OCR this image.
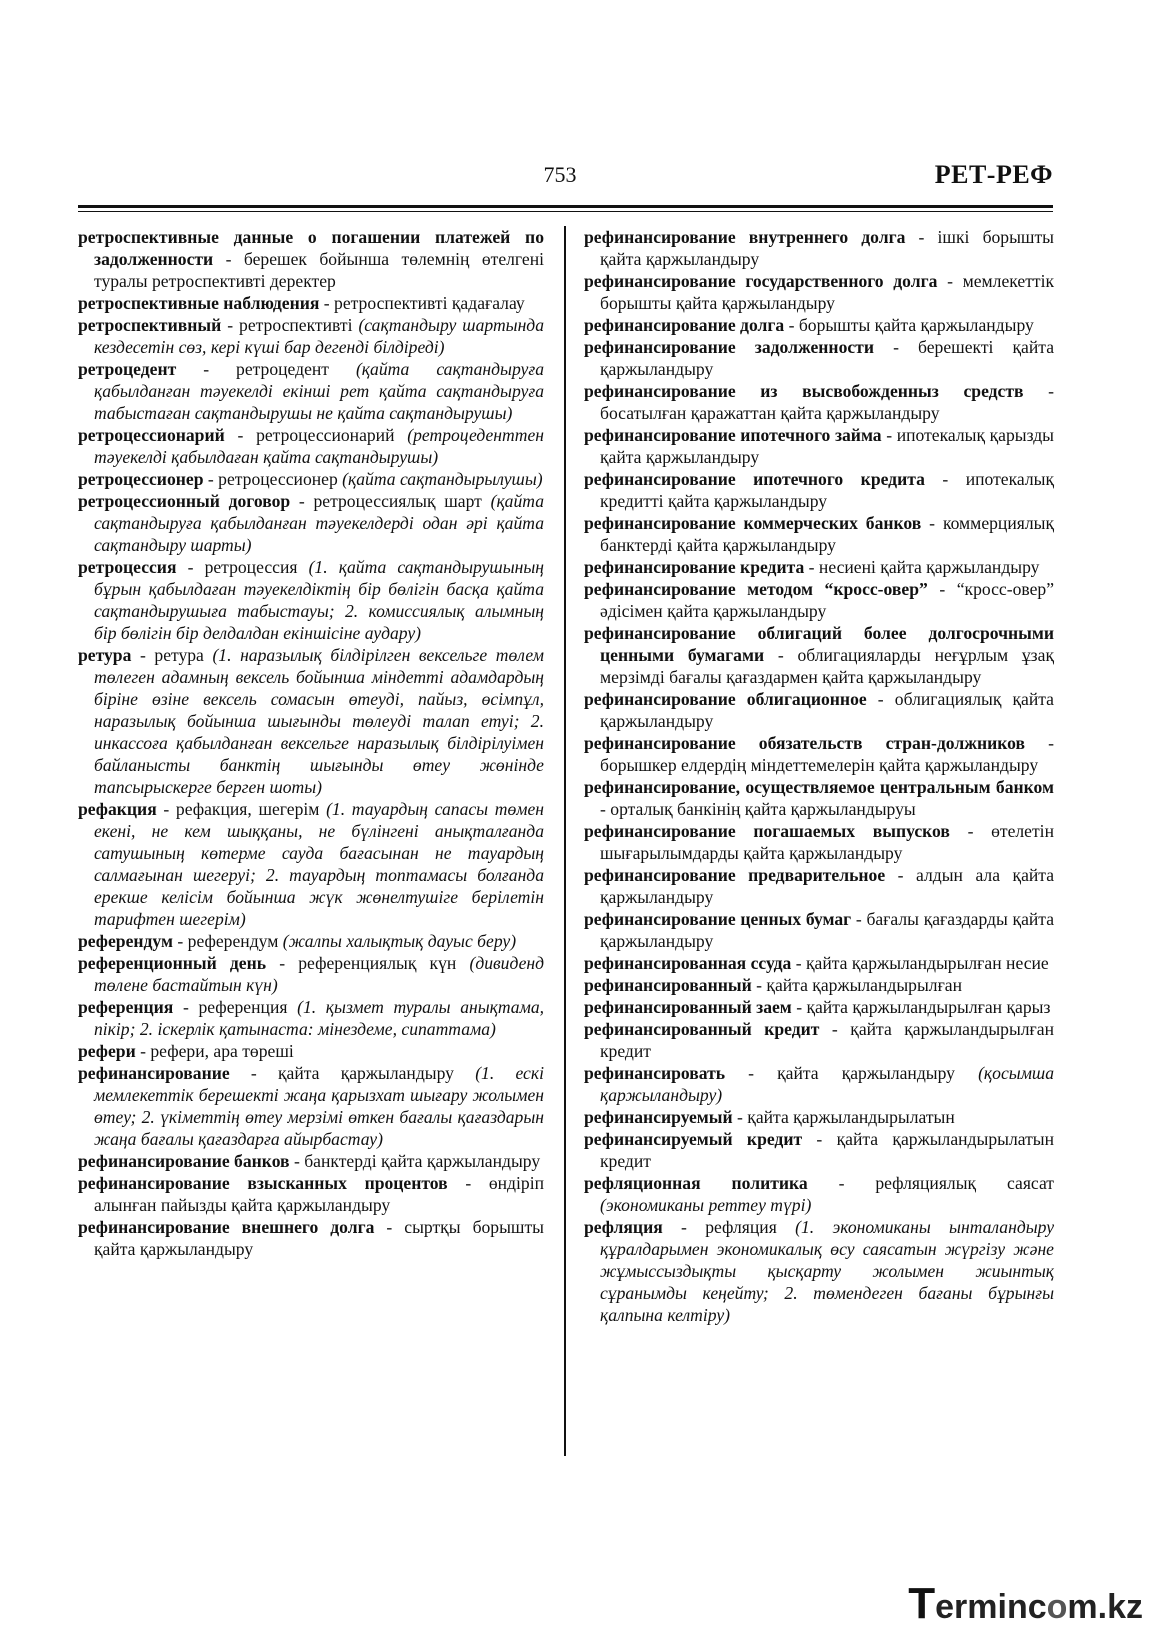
753	РЕТ-РЕФ

ретроспективные данные о погашении платежей по задолженности - берешек бойынша төлемнің өтелгені туралы ретроспективті деректер

ретроспективные наблюдения - ретроспективті қадағалау

ретроспективный - ретроспективті (сақтандыру шартында кездесетін сөз, кері күші бар дегенді білдіреді)

ретроцедент - ретроцедент (қайта сақтандыруға қабылданған тәуекелді екінші рет қайта сақтандыруға табыстаған сақтандырушы не қайта сақтандырушы)

ретроцессионарий - ретроцессионарий (ретроцеденттен тәуекелді қабылдаған қайта сақтандырушы)

ретроцессионер - ретроцессионер (қайта сақтандырылушы)

ретроцессионный договор - ретроцессиялық шарт (қайта сақтандыруға қабылданған тәуекелдерді одан әрі қайта сақтандыру шарты)

ретроцессия - ретроцессия (1. қайта сақтандырушының бұрын қабылдаған тәуекелдіктің бір бөлігін басқа қайта сақтандырушыға табыстауы; 2. комиссиялық алымның бір бөлігін бір делдалдан екіншісіне аудару)

ретура - ретура (1. наразылық білдірілген вексельге төлем төлеген адамның вексель бойынша міндетті адамдардың біріне өзіне вексель сомасын өтеуді, пайыз, өсімпұл, наразылық бойынша шығынды төлеуді талап етуі; 2. инкассоға қабылданған вексельге наразылық білдірілуімен байланысты банктің шығынды өтеу жөнінде тапсырыскерге берген шоты)

рефакция - рефакция, шегерім (1. тауардың сапасы төмен екені, не кем шыққаны, не бүлінгені анықталғанда сатушының көтерме сауда бағасынан не тауардың салмағынан шегеруі; 2. тауардың топтамасы болғанда ерекше келісім бойынша жүк жөнелтушіге берілетін тарифтен шегерім)

референдум - референдум (жалпы халықтық дауыс беру)

референционный день - референциялық күн (дивиденд төлене бастайтын күн)

референция - референция (1. қызмет туралы анықтама, пікір; 2. іскерлік қатынаста: мінездеме, сипаттама)

рефери - рефери, ара төреші

рефинансирование - қайта қаржыландыру (1. ескі мемлекеттік берешекті жаңа қарызхат шығару жолымен өтеу; 2. үкіметтің өтеу мерзімі өткен бағалы қағаздарын жаңа бағалы қағаздарға айырбастау)

рефинансирование банков - банктерді қайта қаржыландыру

рефинансирование взысканных процентов - өндіріп алынған пайызды қайта қаржыландыру

рефинансирование внешнего долга - сыртқы борышты қайта қаржыландыру

рефинансирование внутреннего долга - ішкі борышты қайта қаржыландыру

рефинансирование государственного долга - мемлекеттік борышты қайта қаржыландыру

рефинансирование долга - борышты қайта қаржыландыру

рефинансирование задолженности - берешекті қайта қаржыландыру

рефинансирование из высвобожденныз средств - босатылған қаражаттан қайта қаржыландыру

рефинансирование ипотечного займа - ипотекалық қарызды қайта қаржыландыру

рефинансирование ипотечного кредита - ипотекалық кредитті қайта қаржыландыру

рефинансирование коммерческих банков - коммерциялық банктерді қайта қаржыландыру

рефинансирование кредита - несиені қайта қаржыландыру

рефинансирование методом “кросс-овер” - “кросс-овер” әдісімен қайта қаржыландыру

рефинансирование облигаций более долгосрочными ценными бумагами - облигацияларды неғұрлым ұзақ мерзімді бағалы қағаздармен қайта қаржыландыру

рефинансирование облигационное - облигациялық қайта қаржыландыру

рефинансирование обязательств стран-должников - борышкер елдердің міндеттемелерін қайта қаржыландыру

рефинансирование, осуществляемое центральным банком - орталық банкінің қайта қаржыландыруы

рефинансирование погашаемых выпусков - өтелетін шығарылымдарды қайта қаржыландыру

рефинансирование предварительное - алдын ала қайта қаржыландыру

рефинансирование ценных бумаг - бағалы қағаздарды қайта қаржыландыру

рефинансированная ссуда - қайта қаржыландырылған несие

рефинансированный - қайта қаржыландырылған

рефинансированный заем - қайта қаржыландырылған қарыз

рефинансированный кредит - қайта қаржыландырылған кредит

рефинансировать - қайта қаржыландыру (қосымша қаржыландыру)

рефинансируемый - қайта қаржыландырылатын

рефинансируемый кредит - қайта қаржыландырылатын кредит

рефляционная политика - рефляциялық саясат (экономиканы реттеу түрі)

рефляция - рефляция (1. экономиканы ынталандыру құралдарымен экономикалық өсу саясатын жүргізу және жұмыссыздықты қысқарту жолымен жиынтық сұранымды кеңейту; 2. төмендеген бағаны бұрынғы қалпына келтіру)

Termincom.kz
